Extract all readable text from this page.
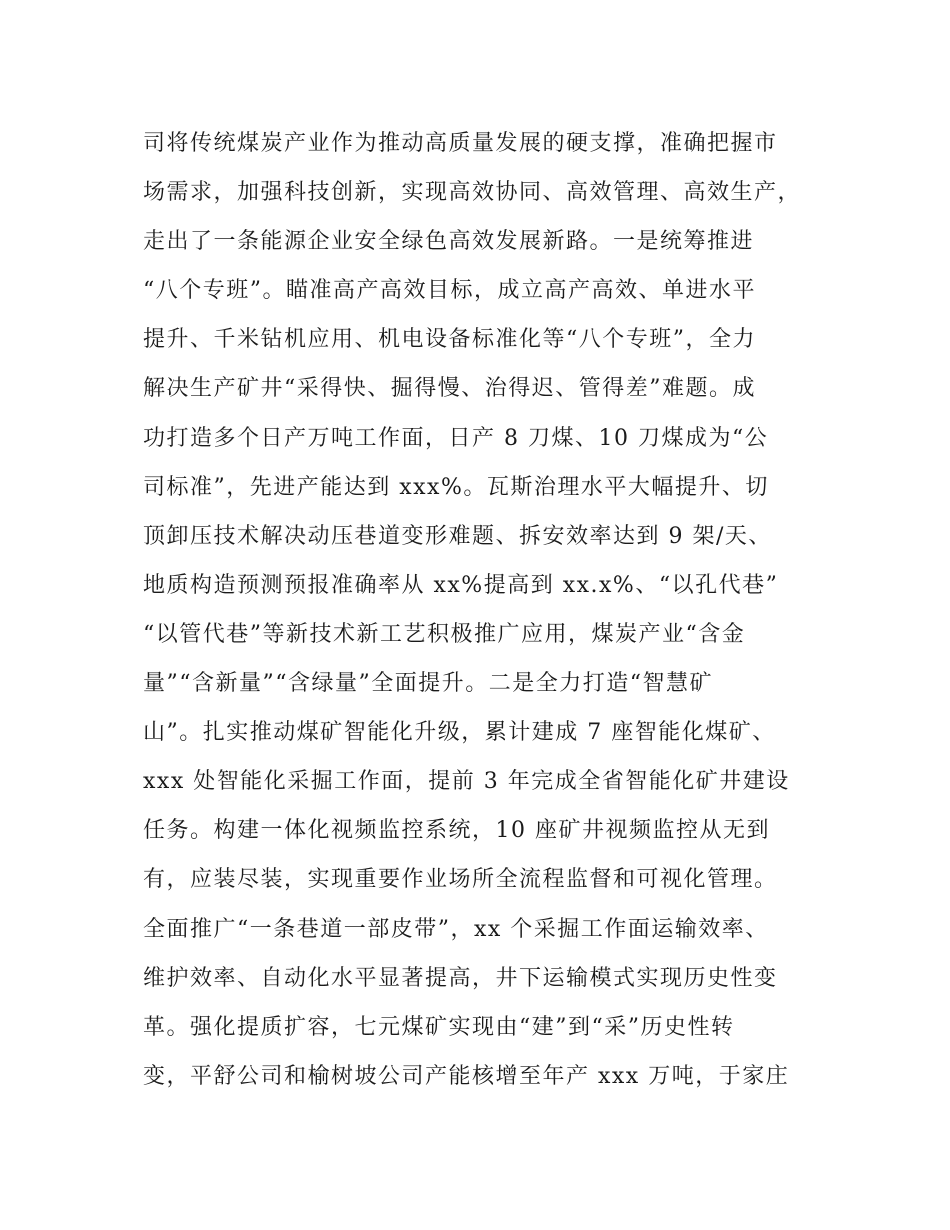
司将传统煤炭产业作为推动高质量发展的硬支撑，准确把握市
场需求，加强科技创新，实现高效协同、高效管理、高效生产，
走出了一条能源企业安全绿色高效发展新路。一是统筹推进
“八个专班”。瞄准高产高效目标，成立高产高效、单进水平
提升、千米钻机应用、机电设备标准化等“八个专班”，全力
解决生产矿井“采得快、掘得慢、治得迟、管得差”难题。成
功打造多个日产万吨工作面，日产 8 刀煤、10 刀煤成为“公
司标准”，先进产能达到 xxx%。瓦斯治理水平大幅提升、切
顶卸压技术解决动压巷道变形难题、拆安效率达到 9 架/天、
地质构造预测预报准确率从 xx%提高到 xx.x%、“以孔代巷”
“以管代巷”等新技术新工艺积极推广应用，煤炭产业“含金
量”“含新量”“含绿量”全面提升。二是全力打造“智慧矿
山”。扎实推动煤矿智能化升级，累计建成 7 座智能化煤矿、
xxx 处智能化采掘工作面，提前 3 年完成全省智能化矿井建设
任务。构建一体化视频监控系统，10 座矿井视频监控从无到
有，应装尽装，实现重要作业场所全流程监督和可视化管理。
全面推广“一条巷道一部皮带”，xx 个采掘工作面运输效率、
维护效率、自动化水平显著提高，井下运输模式实现历史性变
革。强化提质扩容，七元煤矿实现由“建”到“采”历史性转
变，平舒公司和榆树坡公司产能核增至年产 xxx 万吨，于家庄
